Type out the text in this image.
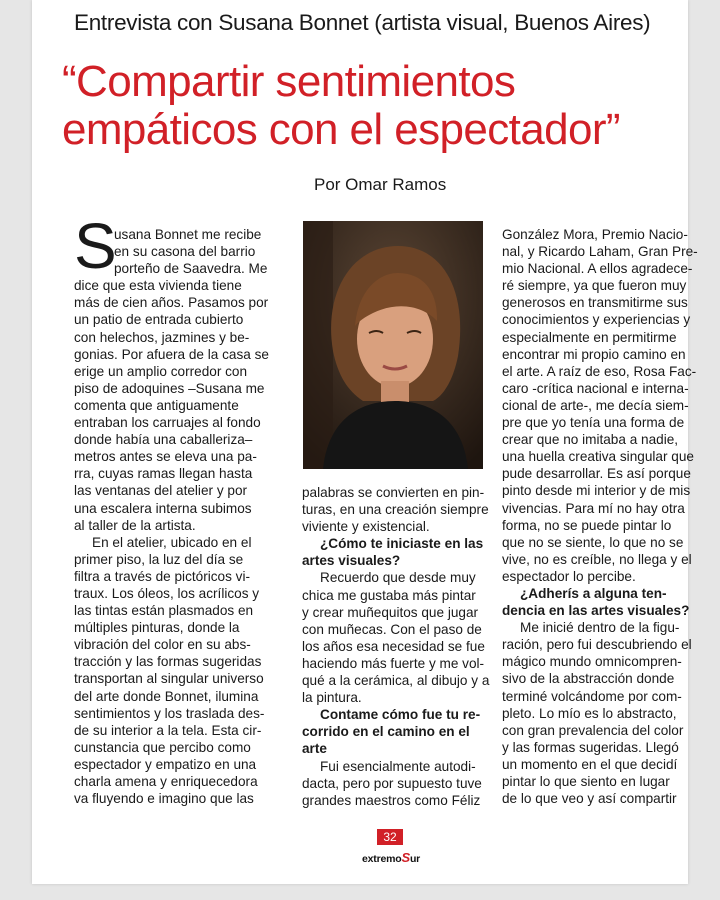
Entrevista con Susana Bonnet (artista visual, Buenos Aires)
“Compartir sentimientos
empáticos con el espectador”
Por Omar Ramos
S

usana Bonnet me recibe

en su casona del barrio

porteño de Saavedra. Me

dice que esta vivienda tiene

más de cien años. Pasamos por

un patio de entrada cubierto

con helechos, jazmines y be-

gonias. Por afuera de la casa se

erige un amplio corredor con

piso de adoquines –Susana me

comenta que antiguamente

entraban los carruajes al fondo

donde había una caballeriza–

metros antes se eleva una pa-

rra, cuyas ramas llegan hasta

las ventanas del atelier y por

una escalera interna subimos

al taller de la artista.

En el atelier, ubicado en el

primer piso, la luz del día se

filtra a través de pictóricos vi-

traux. Los óleos, los acrílicos y

las tintas están plasmados en

múltiples pinturas, donde la

vibración del color en su abs-

tracción y las formas sugeridas

transportan al singular universo

del arte donde Bonnet, ilumina

sentimientos y los traslada des-

de su interior a la tela. Esta cir-

cunstancia que percibo como

espectador y empatizo en una

charla amena y enriquecedora

va fluyendo e imagino que las

palabras se convierten en pin-

turas, en una creación siempre

viviente y existencial.

¿Cómo te iniciaste en las

artes visuales?

Recuerdo que desde muy

chica me gustaba más pintar

y crear muñequitos que jugar

con muñecas. Con el paso de

los años esa necesidad se fue

haciendo más fuerte y me vol-

qué a la cerámica, al dibujo y a

la pintura.

Contame cómo fue tu re-

corrido en el camino en el

arte

Fui esencialmente autodi-

dacta, pero por supuesto tuve

grandes maestros como Féliz

González Mora, Premio Nacio-

nal, y Ricardo Laham, Gran Pre-

mio Nacional. A ellos agradece-

ré siempre, ya que fueron muy

generosos en transmitirme sus

conocimientos y experiencias y

especialmente en permitirme

encontrar mi propio camino en

el arte. A raíz de eso, Rosa Fac-

caro -crítica nacional e interna-

cional de arte-, me decía siem-

pre que yo tenía una forma de

crear que no imitaba a nadie,

una huella creativa singular que

pude desarrollar. Es así porque

pinto desde mi interior y de mis

vivencias. Para mí no hay otra

forma, no se puede pintar lo

que no se siente, lo que no se

vive, no es creíble, no llega y el

espectador lo percibe.

¿Adherís a alguna ten-

dencia en las artes visuales?

Me inicié dentro de la figu-

ración, pero fui descubriendo el

mágico mundo omnicompren-

sivo de la abstracción donde

terminé volcándome por com-

pleto. Lo mío es lo abstracto,

con gran prevalencia del color

y las formas sugeridas. Llegó

un momento en el que decidí

pintar lo que siento en lugar

de lo que veo y así compartir

32
extremoSur
